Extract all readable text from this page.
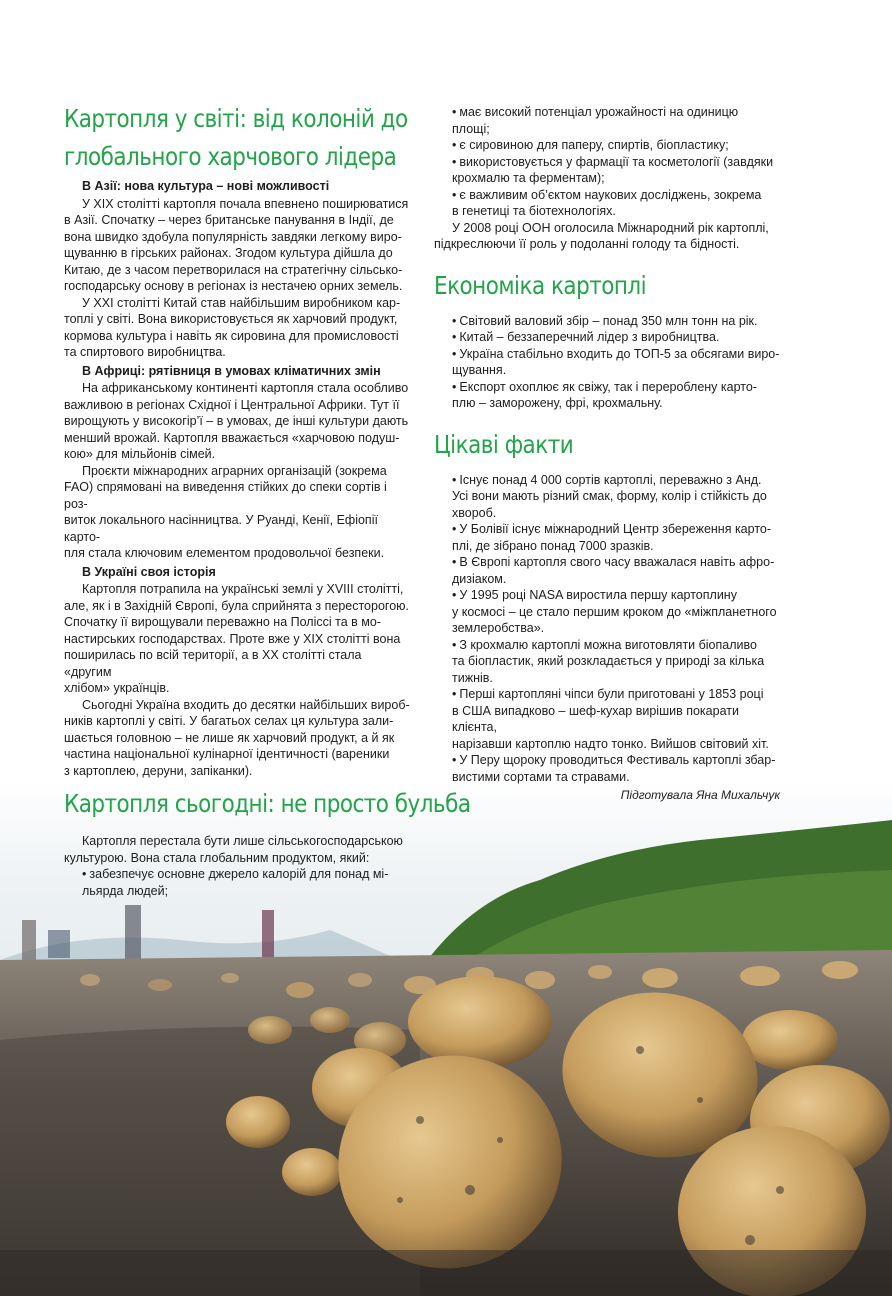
Картопля у світі: від колоній до
глобального харчового лідера
В Азії: нова культура – нові можливості

У XIX столітті картопля почала впевнено поширюватися
в Азії. Спочатку – через британське панування в Індії, де
вона швидко здобула популярність завдяки легкому виро-
щуванню в гірських районах. Згодом культура дійшла до
Китаю, де з часом перетворилася на стратегічну сільсько-
господарську основу в регіонах із нестачею орних земель.

У XXI столітті Китай став найбільшим виробником кар-
топлі у світі. Вона використовується як харчовий продукт,
кормова культура і навіть як сировина для промисловості
та спиртового виробництва.

В Африці: рятівниця в умовах кліматичних змін

На африканському континенті картопля стала особливо
важливою в регіонах Східної і Центральної Африки. Тут її
вирощують у високогір’ї – в умовах, де інші культури дають
менший врожай. Картопля вважається «харчовою подуш-
кою» для мільйонів сімей.

Проєкти міжнародних аграрних організацій (зокрема
FAO) спрямовані на виведення стійких до спеки сортів і роз-
виток локального насінництва. У Руанді, Кенії, Ефіопії карто-
пля стала ключовим елементом продовольчої безпеки.

В Україні своя історія

Картопля потрапила на українські землі у XVIII столітті,
але, як і в Західній Європі, була сприйнята з пересторогою.
Спочатку її вирощували переважно на Поліссі та в мо-
настирських господарствах. Проте вже у XIX столітті вона
поширилась по всій території, а в XX столітті стала «другим
хлібом» українців.

Сьогодні Україна входить до десятки найбільших вироб-
ників картоплі у світі. У багатьох селах ця культура зали-
шається головною – не лише як харчовий продукт, а й як
частина національної кулінарної ідентичності (вареники
з картоплею, деруни, запіканки).

Картопля сьогодні: не просто бульба

Картопля перестала бути лише сільськогосподарською
культурою. Вона стала глобальним продуктом, який:

• забезпечує основне джерело калорій для понад мі-
льярда людей;
• має високий потенціал урожайності на одиницю
площі;
• є сировиною для паперу, спиртів, біопластику;
• використовується у фармації та косметології (завдяки
крохмалю та ферментам);
• є важливим об’єктом наукових досліджень, зокрема
в генетиці та біотехнологіях.

У 2008 році ООН оголосила Міжнародний рік картоплі,
підкреслюючи її роль у подоланні голоду та бідності.

Економіка картоплі
• Світовий валовий збір – понад 350 млн тонн на рік.
• Китай – беззаперечний лідер з виробництва.
• Україна стабільно входить до ТОП-5 за обсягами виро-
щування.
• Експорт охоплює як свіжу, так і перероблену карто-
плю – заморожену, фрі, крохмальну.
Цікаві факти
• Існує понад 4 000 сортів картоплі, переважно з Анд.
Усі вони мають різний смак, форму, колір і стійкість до
хвороб.
• У Болівії існує міжнародний Центр збереження карто-
плі, де зібрано понад 7000 зразків.
• В Європі картопля свого часу вважалася навіть афро-
дизіаком.
• У 1995 році NASA виростила першу картоплину
у космосі – це стало першим кроком до «міжпланетного
землеробства».
• З крохмалю картоплі можна виготовляти біопаливо
та біопластик, який розкладається у природі за кілька
тижнів.
• Перші картопляні чіпси були приготовані у 1853 році
в США випадково – шеф-кухар вирішив покарати клієнта,
нарізавши картоплю надто тонко. Вийшов світовий хіт.
• У Перу щороку проводиться Фестиваль картоплі збар-
вистими сортами та стравами.
Підготувала Яна Михальчук
